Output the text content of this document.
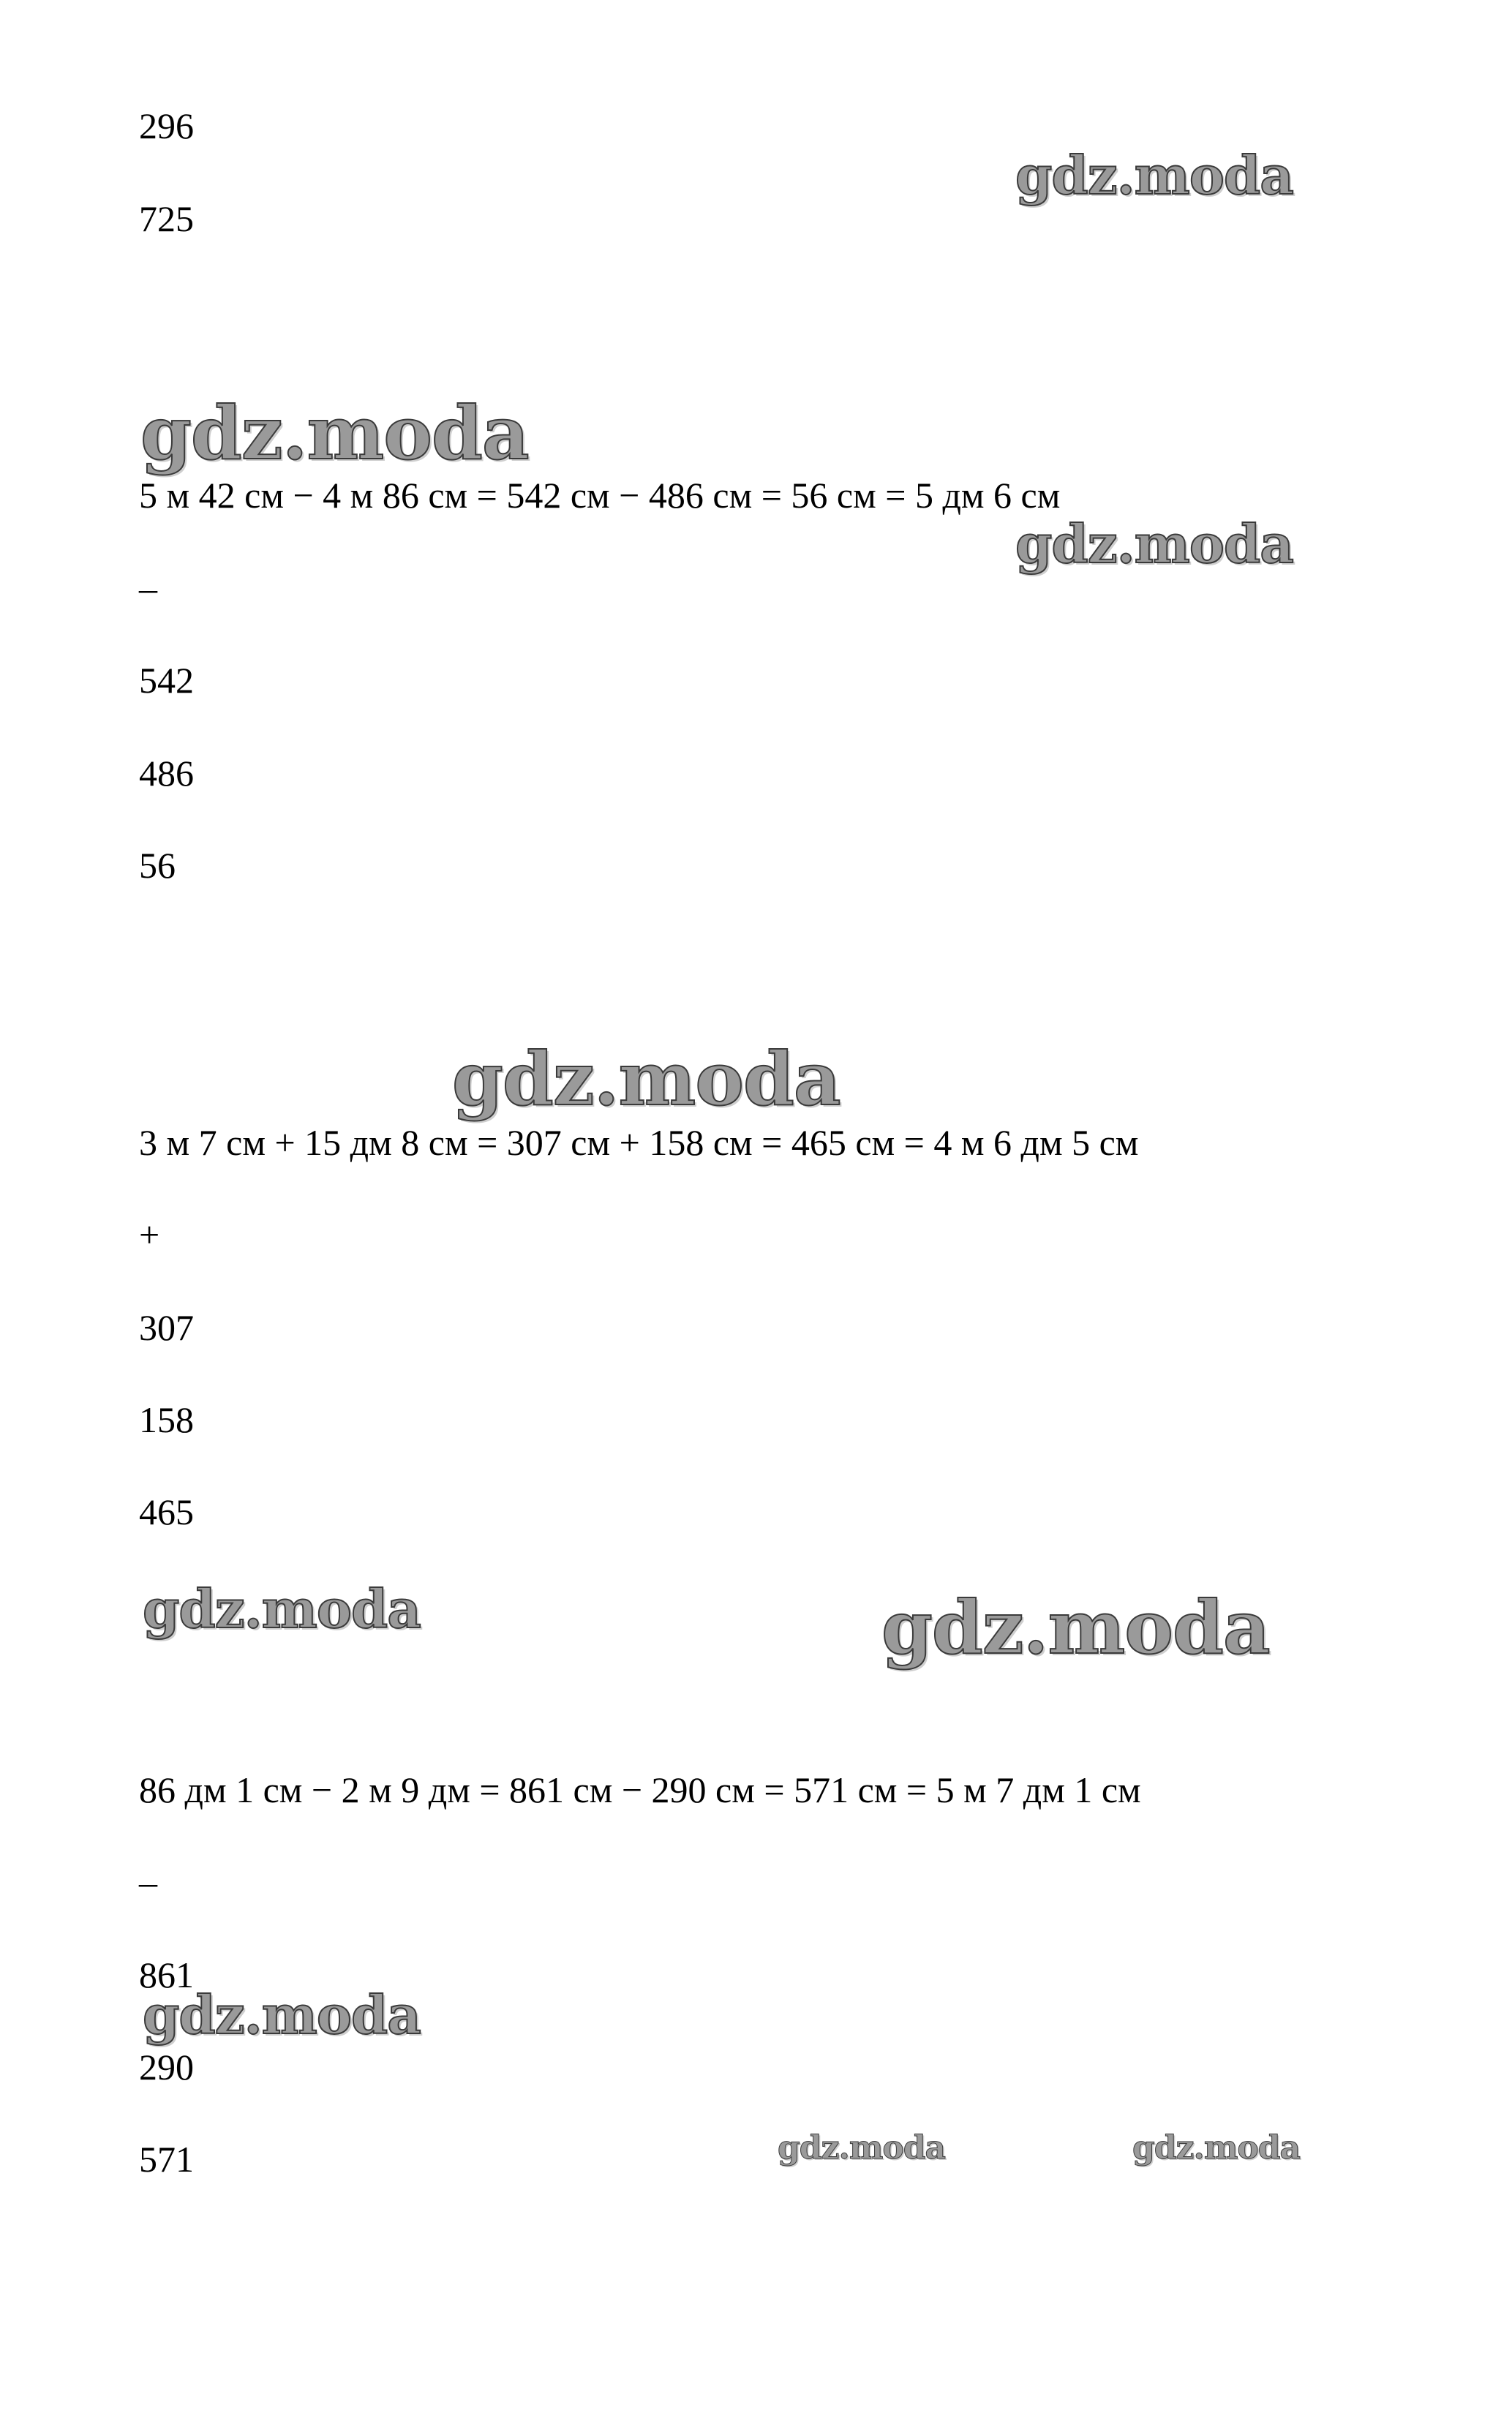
296
725
5 м 42 см − 4 м 86 см = 542 см − 486 см = 56 см = 5 дм 6 см
–
542
486
56
3 м 7 см + 15 дм 8 см = 307 см + 158 см = 465 см = 4 м 6 дм 5 см
+
307
158
465
86 дм 1 см − 2 м 9 дм = 861 см − 290 см = 571 см = 5 м 7 дм 1 см
–
861
290
571
gdz.moda
gdz.moda
gdz.moda
gdz.moda
gdz.moda	gdz.moda
gdz.moda
gdz.moda	gdz.moda
